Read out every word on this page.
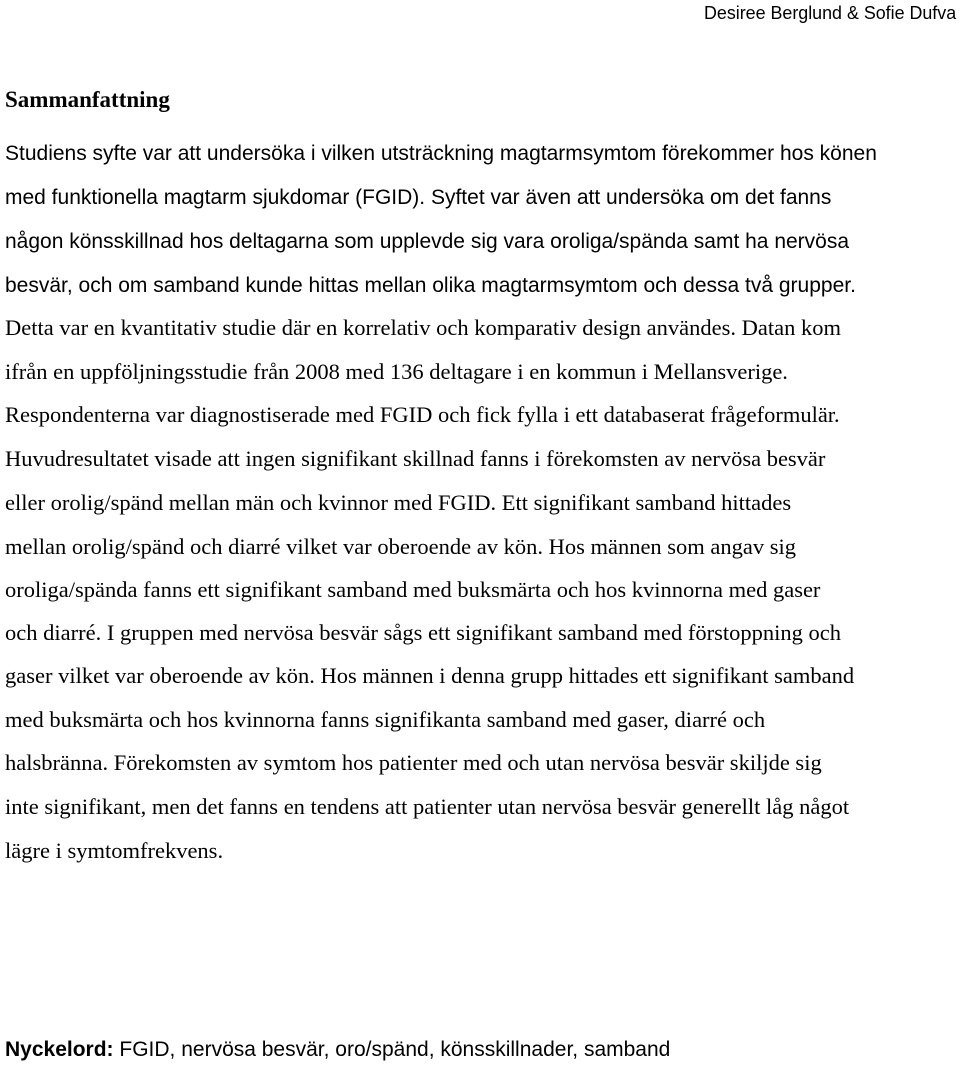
Desiree Berglund & Sofie Dufva
Sammanfattning
Studiens syfte var att undersöka i vilken utsträckning magtarmsymtom förekommer hos könen
med funktionella magtarm sjukdomar (FGID). Syftet var även att undersöka om det fanns
någon könsskillnad hos deltagarna som upplevde sig vara oroliga/spända samt ha nervösa
besvär, och om samband kunde hittas mellan olika magtarmsymtom och dessa två grupper.
Detta var en kvantitativ studie där en korrelativ och komparativ design användes. Datan kom
ifrån en uppföljningsstudie från 2008 med 136 deltagare i en kommun i Mellansverige.
Respondenterna var diagnostiserade med FGID och fick fylla i ett databaserat frågeformulär.
Huvudresultatet visade att ingen signifikant skillnad fanns i förekomsten av nervösa besvär
eller orolig/spänd mellan män och kvinnor med FGID. Ett signifikant samband hittades
mellan orolig/spänd och diarré vilket var oberoende av kön. Hos männen som angav sig
oroliga/spända fanns ett signifikant samband med buksmärta och hos kvinnorna med gaser
och diarré. I gruppen med nervösa besvär sågs ett signifikant samband med förstoppning och
gaser vilket var oberoende av kön. Hos männen i denna grupp hittades ett signifikant samband
med buksmärta och hos kvinnorna fanns signifikanta samband med gaser, diarré och
halsbränna. Förekomsten av symtom hos patienter med och utan nervösa besvär skiljde sig
inte signifikant, men det fanns en tendens att patienter utan nervösa besvär generellt låg något
lägre i symtomfrekvens.
Nyckelord: FGID, nervösa besvär, oro/spänd, könsskillnader, samband
